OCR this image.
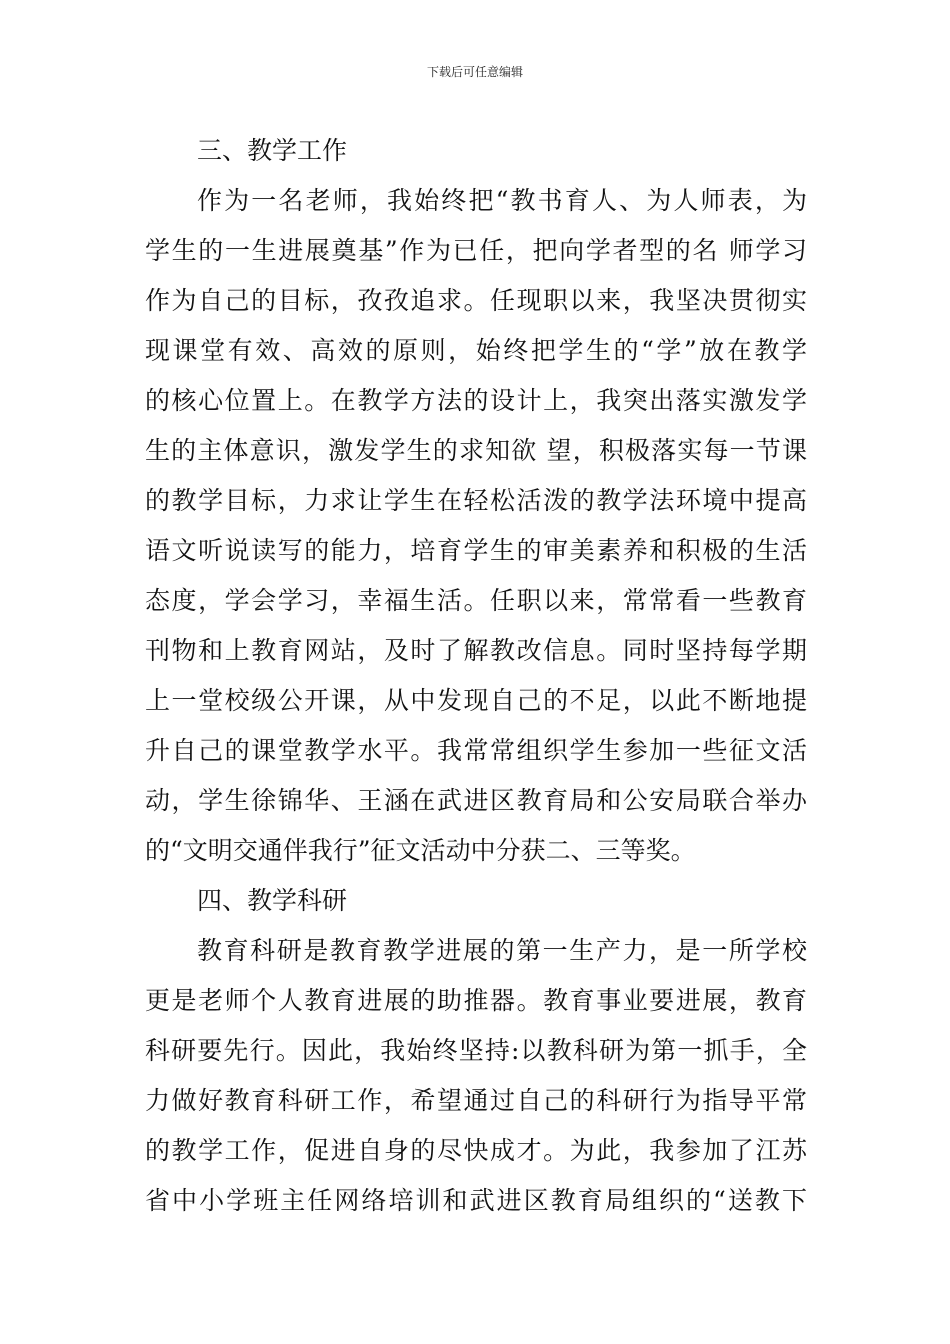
下载后可任意编辑
三、教学工作
作为一名老师，我始终把“教书育人、为人师表，为
学生的一生进展奠基”作为已任，把向学者型的名 师学习
作为自己的目标，孜孜追求。任现职以来，我坚决贯彻实
现课堂有效、高效的原则，始终把学生的“学”放在教学
的核心位置上。在教学方法的设计上，我突出落实激发学
生的主体意识，激发学生的求知欲 望，积极落实每一节课
的教学目标，力求让学生在轻松活泼的教学法环境中提高
语文听说读写的能力，培育学生的审美素养和积极的生活
态度，学会学习，幸福生活。任职以来，常常看一些教育
刊物和上教育网站，及时了解教改信息。同时坚持每学期
上一堂校级公开课，从中发现自己的不足，以此不断地提
升自己的课堂教学水平。我常常组织学生参加一些征文活
动，学生徐锦华、王涵在武进区教育局和公安局联合举办
的“文明交通伴我行”征文活动中分获二、三等奖。
四、教学科研
教育科研是教育教学进展的第一生产力，是一所学校
更是老师个人教育进展的助推器。教育事业要进展，教育
科研要先行。因此，我始终坚持:以教科研为第一抓手，全
力做好教育科研工作，希望通过自己的科研行为指导平常
的教学工作，促进自身的尽快成才。为此，我参加了江苏
省中小学班主任网络培训和武进区教育局组织的“送教下
